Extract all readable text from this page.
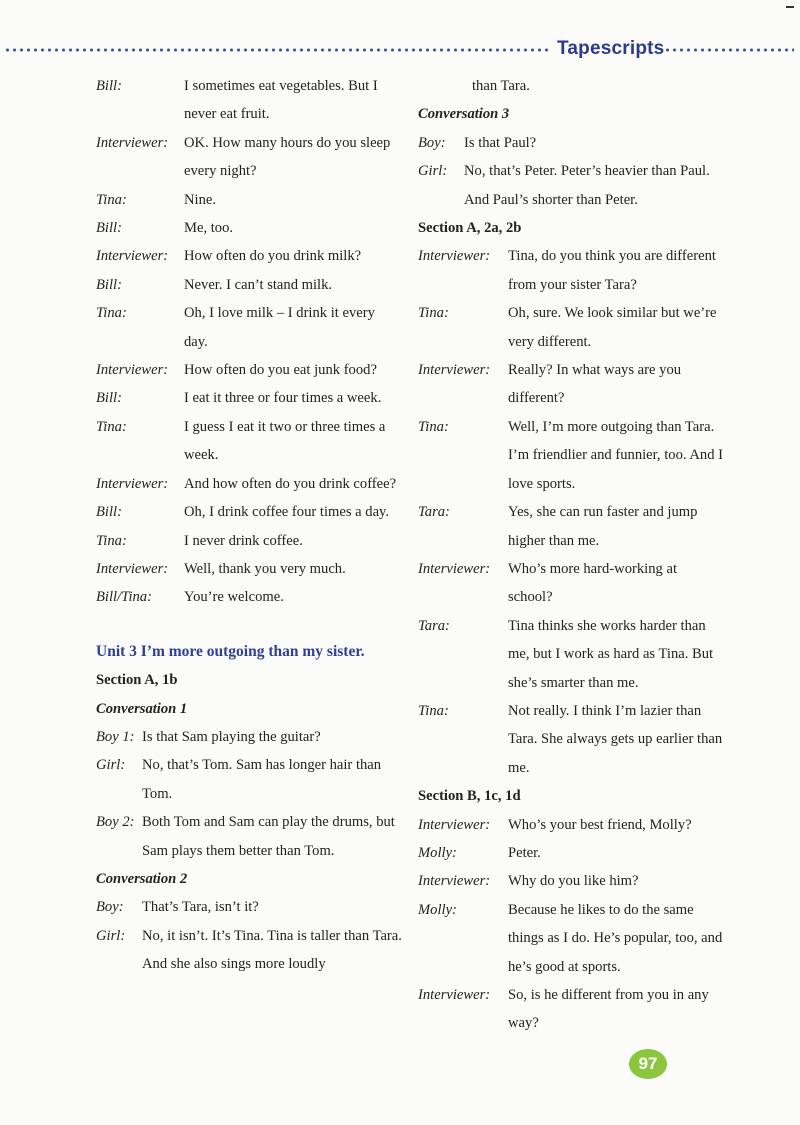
Tapescripts
Bill:	I sometimes eat vegetables. But I never eat fruit.
Interviewer:	OK. How many hours do you sleep every night?
Tina:	Nine.
Bill:	Me, too.
Interviewer:	How often do you drink milk?
Bill:	Never. I can’t stand milk.
Tina:	Oh, I love milk – I drink it every day.
Interviewer:	How often do you eat junk food?
Bill:	I eat it three or four times a week.
Tina:	I guess I eat it two or three times a week.
Interviewer:	And how often do you drink coffee?
Bill:	Oh, I drink coffee four times a day.
Tina:	I never drink coffee.
Interviewer:	Well, thank you very much.
Bill/Tina:	You’re welcome.
Unit 3 I’m more outgoing than my sister.
Section A, 1b
Conversation 1
Boy 1: Is that Sam playing the guitar?
Girl:	No, that’s Tom. Sam has longer hair than Tom.
Boy 2: Both Tom and Sam can play the drums, but Sam plays them better than Tom.
Conversation 2
Boy:	That’s Tara, isn’t it?
Girl:	No, it isn’t. It’s Tina. Tina is taller than Tara. And she also sings more loudly
than Tara.
Conversation 3
Boy:	Is that Paul?
Girl:	No, that’s Peter. Peter’s heavier than Paul. And Paul’s shorter than Peter.
Section A, 2a, 2b
Interviewer:	Tina, do you think you are different from your sister Tara?
Tina:	Oh, sure. We look similar but we’re very different.
Interviewer:	Really? In what ways are you different?
Tina:	Well, I’m more outgoing than Tara. I’m friendlier and funnier, too. And I love sports.
Tara:	Yes, she can run faster and jump higher than me.
Interviewer:	Who’s more hard-working at school?
Tara:	Tina thinks she works harder than me, but I work as hard as Tina. But she’s smarter than me.
Tina:	Not really. I think I’m lazier than Tara. She always gets up earlier than me.
Section B, 1c, 1d
Interviewer:	Who’s your best friend, Molly?
Molly:	Peter.
Interviewer:	Why do you like him?
Molly:	Because he likes to do the same things as I do. He’s popular, too, and he’s good at sports.
Interviewer:	So, is he different from you in any way?
97
